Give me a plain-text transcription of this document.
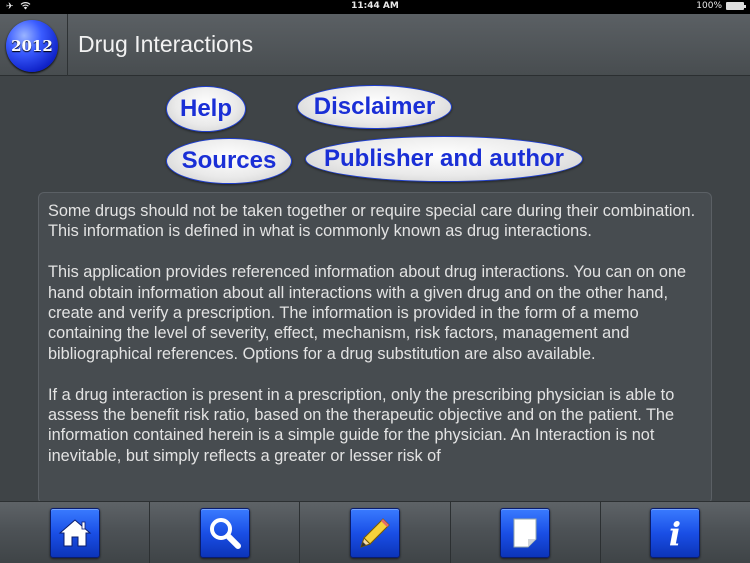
✈	11:44 AM	100%
2012 Drug Interactions
Help	Disclaimer
Sources	Publisher and author

Some drugs should not be taken together or require special care during their combination. This information is defined in what is commonly known as drug interactions.

This application provides referenced information about drug interactions. You can on one hand obtain information about all interactions with a given drug and on the other hand, create and verify a prescription. The information is provided in the form of a memo containing the level of severity, effect, mechanism, risk factors, management and bibliographical references. Options for a drug substitution are also available.

If a drug interaction is present in a prescription, only the prescribing physician is able to assess the benefit risk ratio, based on the therapeutic objective and on the patient. The information contained herein is a simple guide for the physician. An Interaction is not inevitable, but simply reflects a greater or lesser risk of

i
